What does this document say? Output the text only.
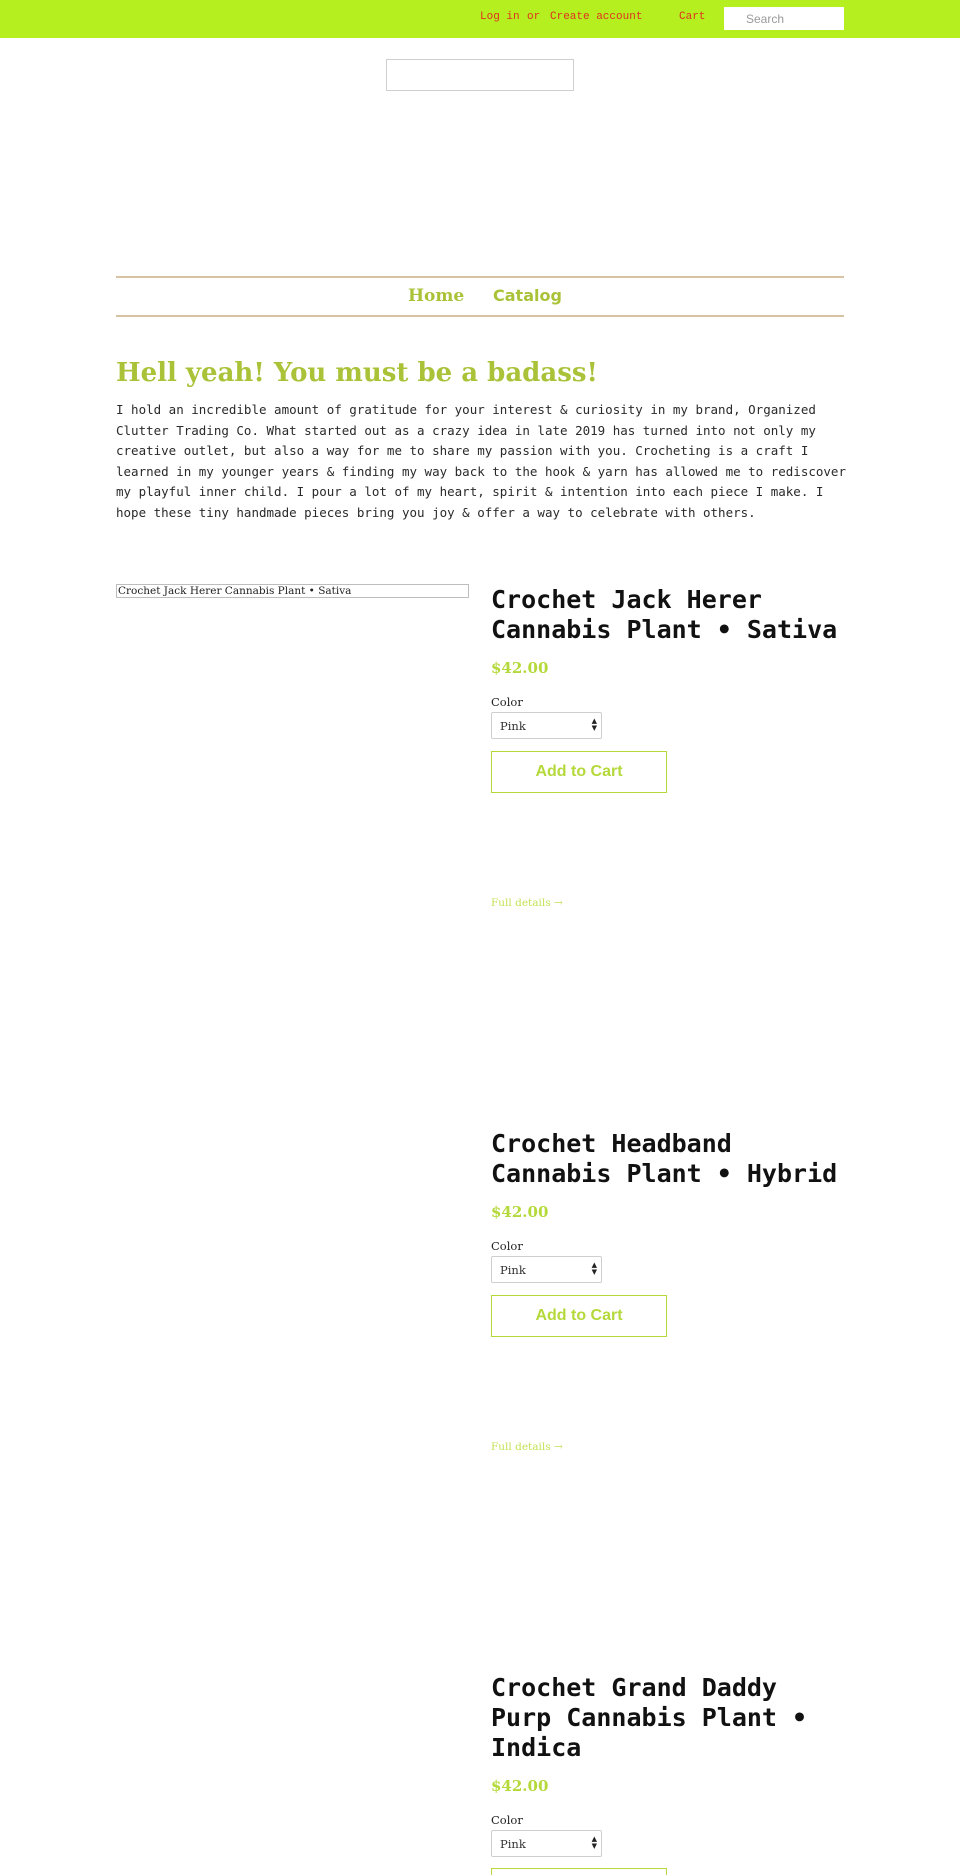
Log in or Create account	Cart
Search
Home Catalog
Hell yeah! You must be a badass!

I hold an incredible amount of gratitude for your interest & curiosity in my brand, Organized Clutter Trading Co. What started out as a crazy idea in late 2019 has turned into not only my creative outlet, but also a way for me to share my passion with you. Crocheting is a craft I learned in my younger years & finding my way back to the hook & yarn has allowed me to rediscover my playful inner child. I pour a lot of my heart, spirit & intention into each piece I make. I hope these tiny handmade pieces bring you joy & offer a way to celebrate with others.

Crochet Jack Herer Cannabis Plant • Sativa	Crochet Jack Herer Cannabis Plant • Sativa
$42.00
Color
Pink	▲
▼
Add to Cart
Full details →
Crochet Headband Cannabis Plant • Hybrid
$42.00
Color
Pink	▲
▼
Add to Cart
Full details →
Crochet Grand Daddy Purp Cannabis Plant • Indica
$42.00
Color
Pink	▲
▼
